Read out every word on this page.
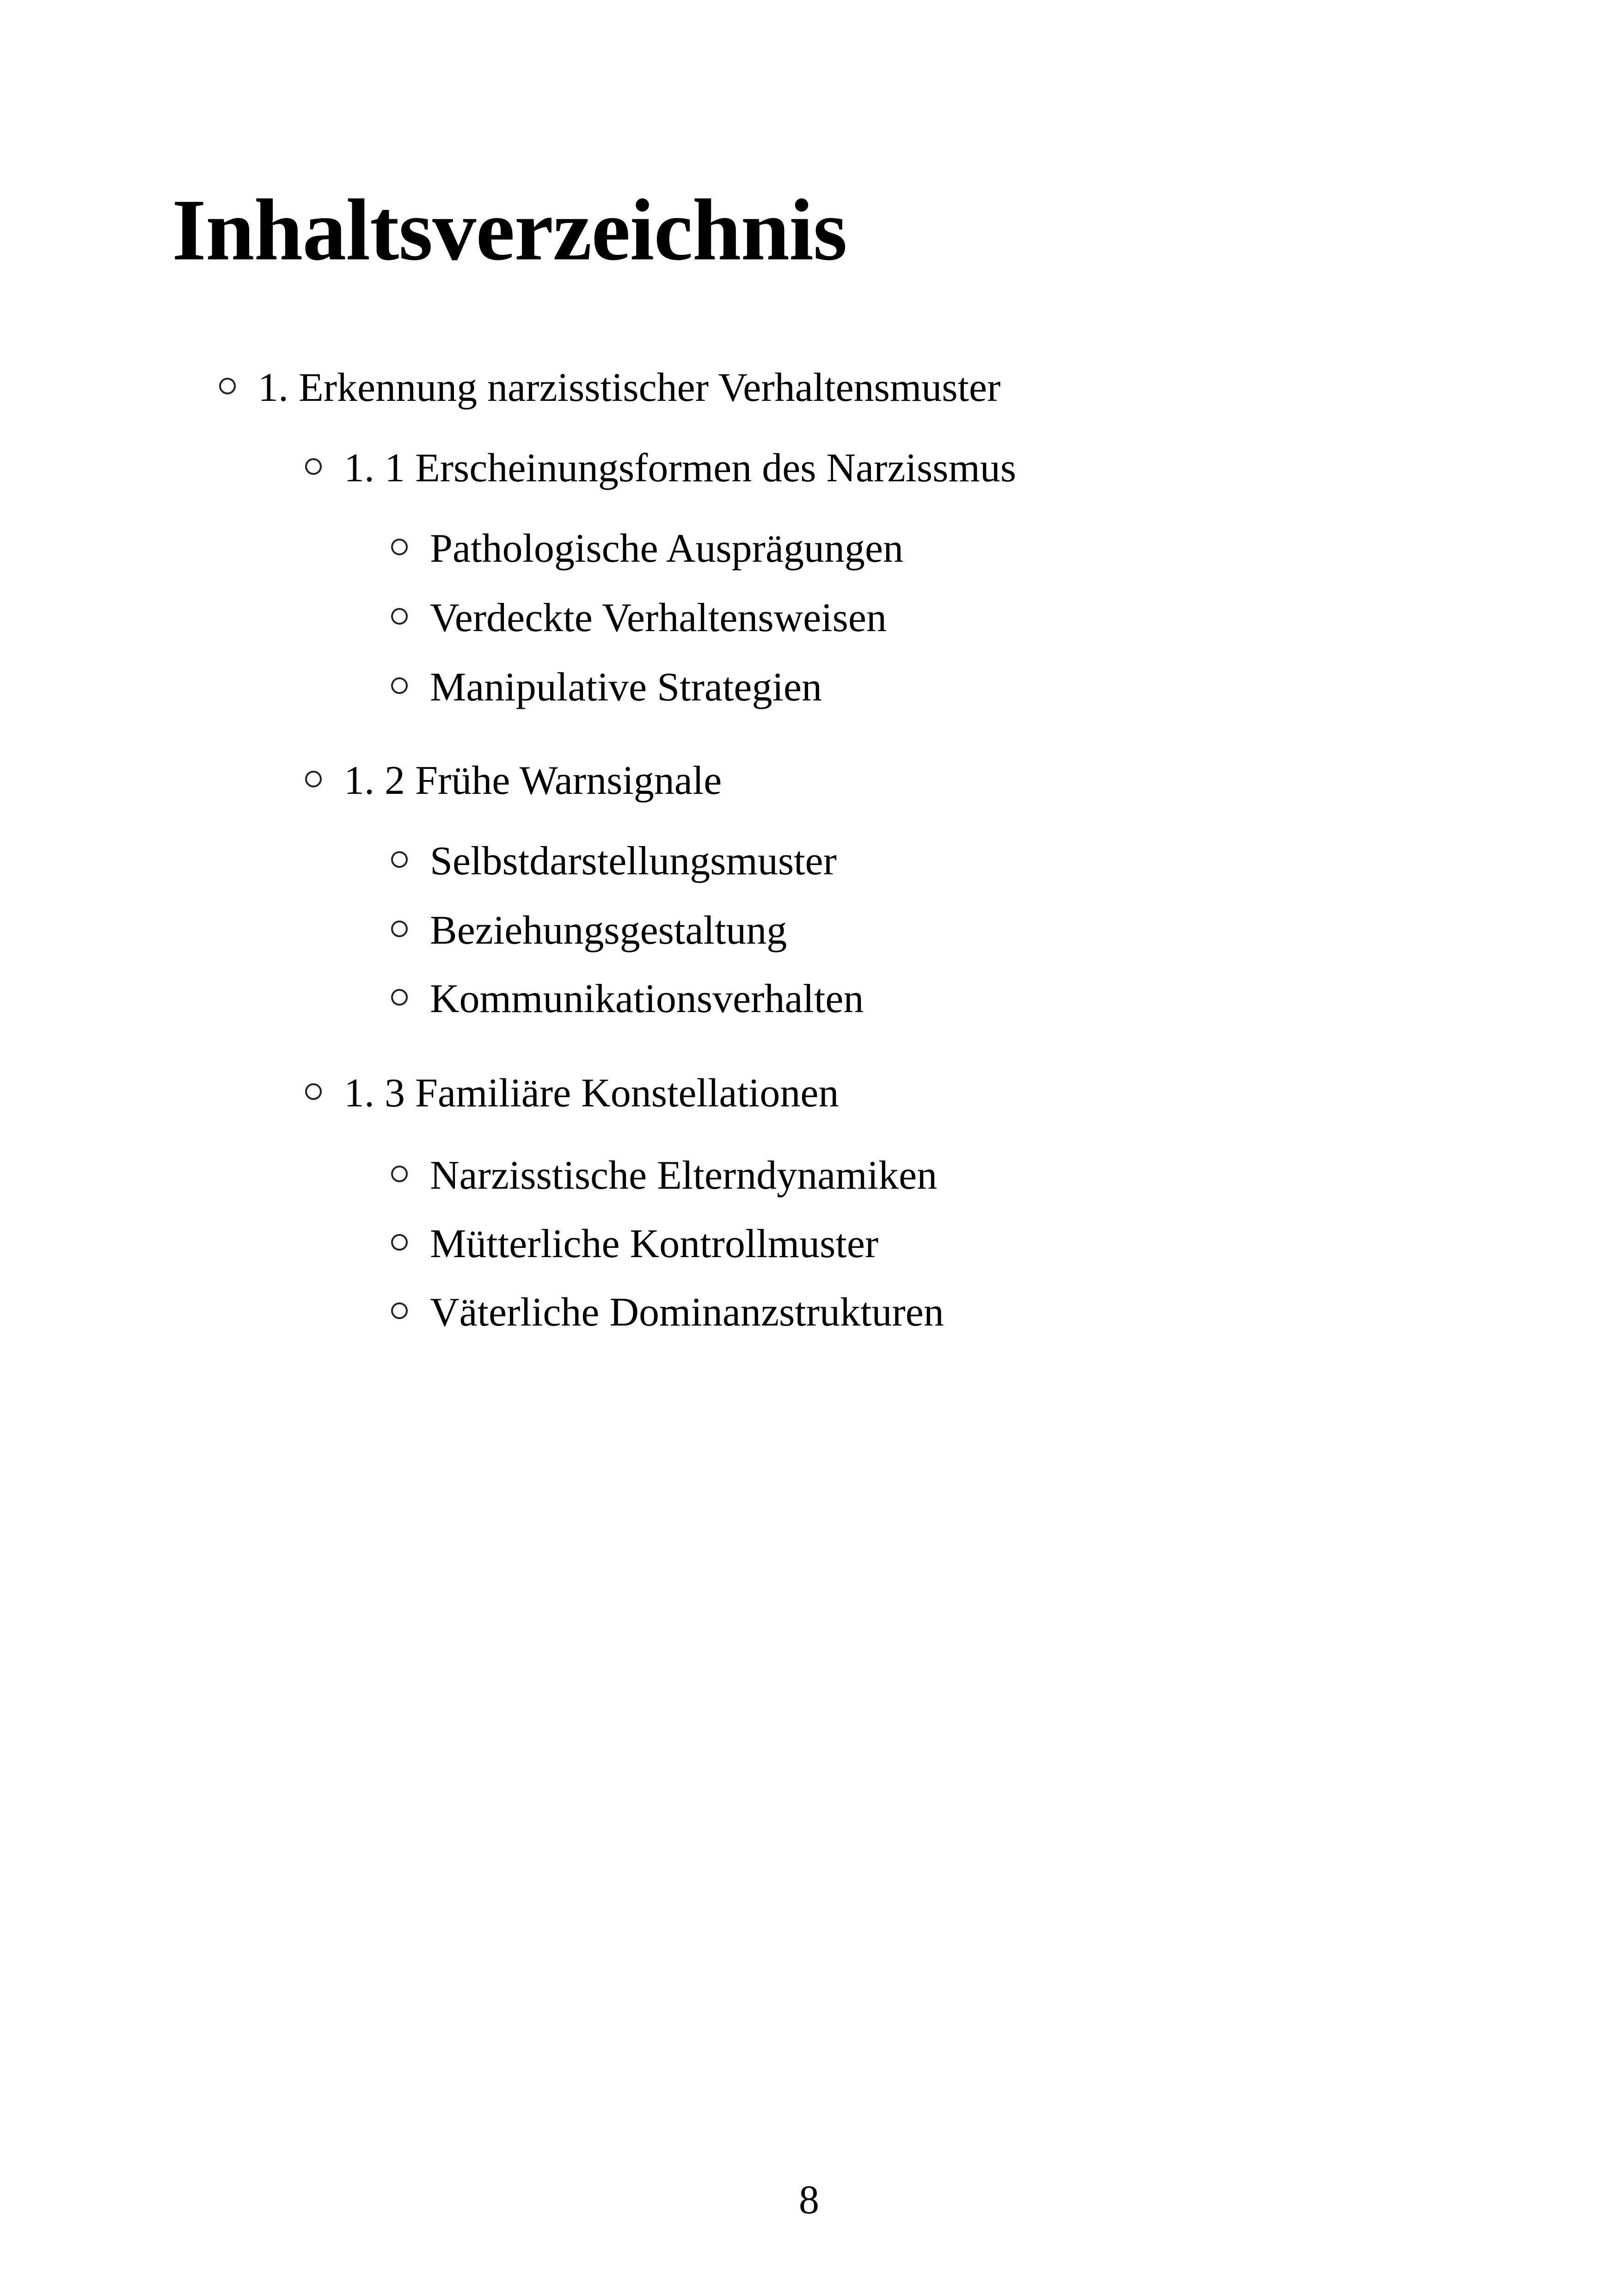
Inhaltsverzeichnis
1. Erkennung narzisstischer Verhaltensmuster
1. 1 Erscheinungsformen des Narzissmus
Pathologische Ausprägungen
Verdeckte Verhaltensweisen
Manipulative Strategien
1. 2 Frühe Warnsignale
Selbstdarstellungsmuster
Beziehungsgestaltung
Kommunikationsverhalten
1. 3 Familiäre Konstellationen
Narzisstische Elterndynamiken
Mütterliche Kontrollmuster
Väterliche Dominanzstrukturen
8
